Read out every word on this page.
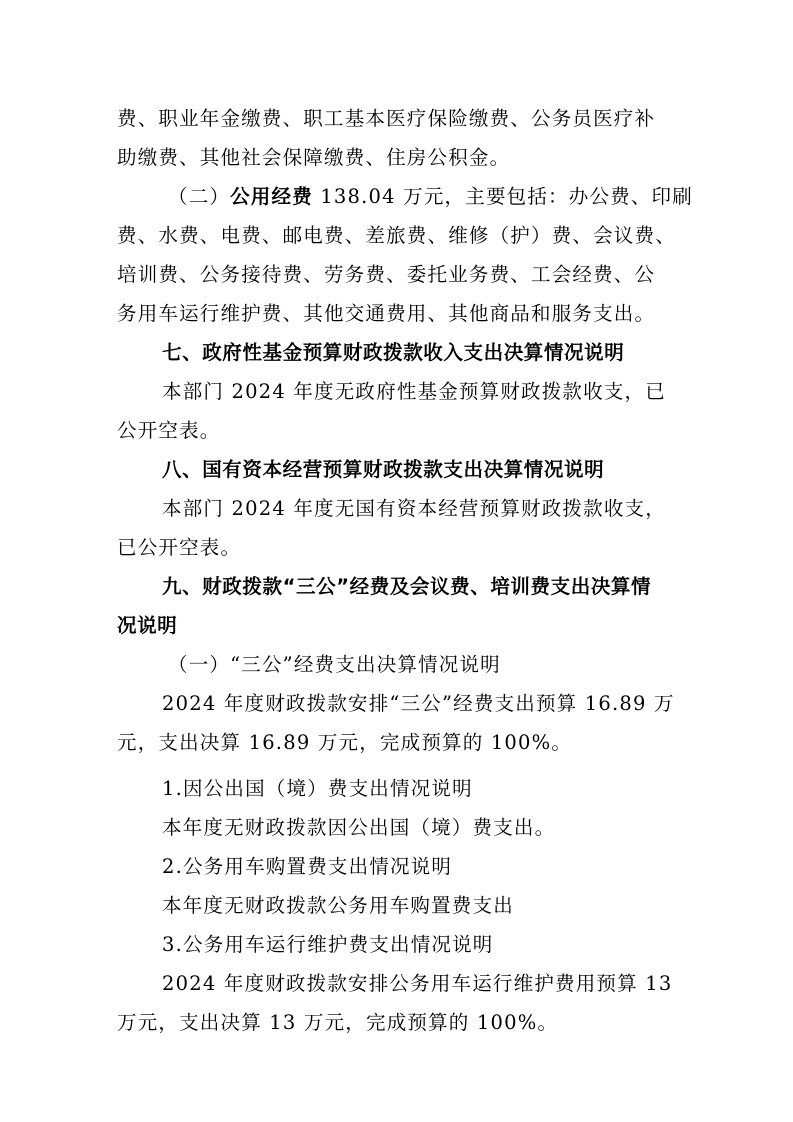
费、职业年金缴费、职工基本医疗保险缴费、公务员医疗补
助缴费、其他社会保障缴费、住房公积金。
（二）公用经费 138.04 万元，主要包括：办公费、印刷
费、水费、电费、邮电费、差旅费、维修（护）费、会议费、
培训费、公务接待费、劳务费、委托业务费、工会经费、公
务用车运行维护费、其他交通费用、其他商品和服务支出。
七、政府性基金预算财政拨款收入支出决算情况说明
本部门 2024 年度无政府性基金预算财政拨款收支，已
公开空表。
八、国有资本经营预算财政拨款支出决算情况说明
本部门 2024 年度无国有资本经营预算财政拨款收支，
已公开空表。
九、财政拨款“三公”经费及会议费、培训费支出决算情
况说明
（一）“三公”经费支出决算情况说明
2024 年度财政拨款安排“三公”经费支出预算 16.89 万
元，支出决算 16.89 万元，完成预算的 100%。
1.因公出国（境）费支出情况说明
本年度无财政拨款因公出国（境）费支出。
2.公务用车购置费支出情况说明
本年度无财政拨款公务用车购置费支出
3.公务用车运行维护费支出情况说明
2024 年度财政拨款安排公务用车运行维护费用预算 13
万元，支出决算 13 万元，完成预算的 100%。
